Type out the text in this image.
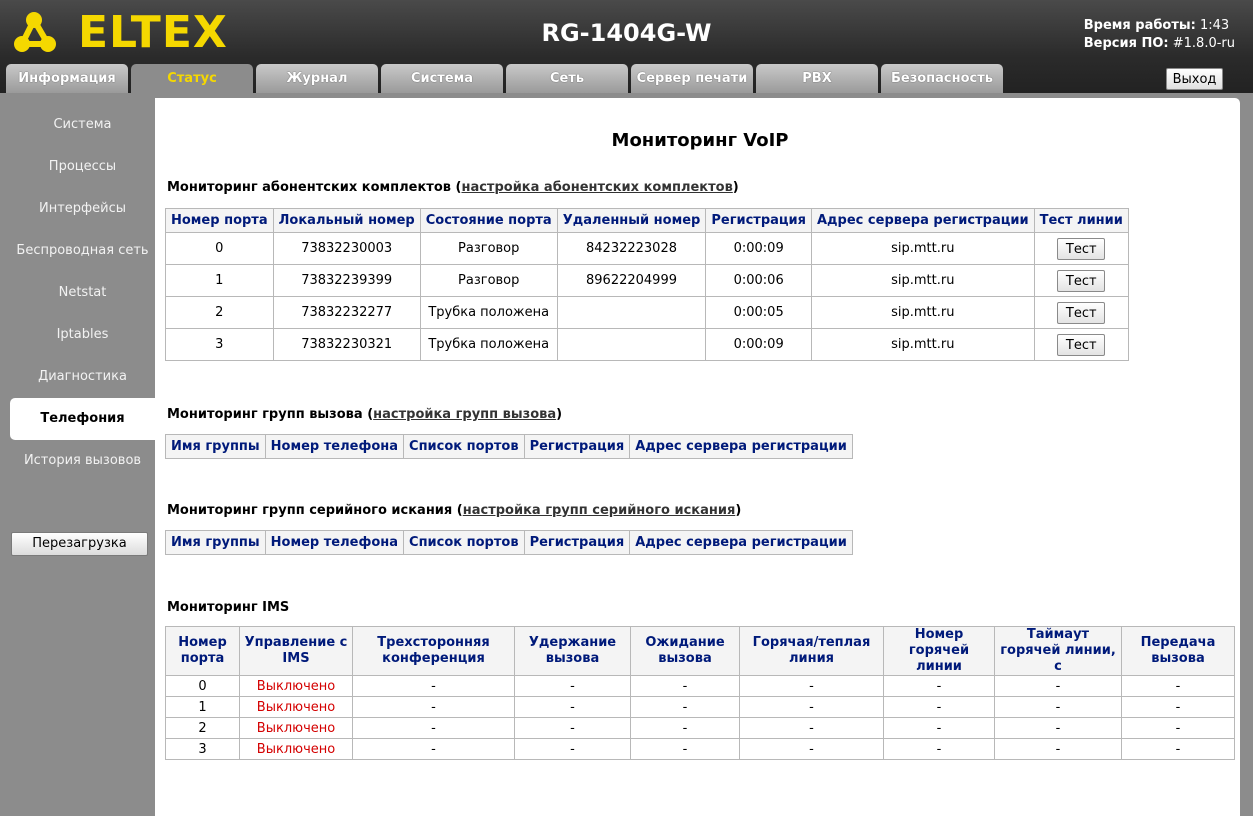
ELTEX	RG-1404G-W	Время работы: 1:43
Версия ПО: #1.8.0-ru
Информация	Статус	Журнал	Система	Сеть	Сервер печати	PBX	Безопасность	Выход
Система
Процессы
Интерфейсы
Беспроводная сеть
Netstat
Iptables
Диагностика
Телефония
История вызовов
Перезагрузка
Мониторинг VoIP
Мониторинг абонентских комплектов (настройка абонентских комплектов)
Номер порта	Локальный номер	Состояние порта	Удаленный номер	Регистрация	Адрес сервера регистрации	Тест линии
0	73832230003	Разговор	84232223028	0:00:09	sip.mtt.ru	Тест
1	73832239399	Разговор	89622204999	0:00:06	sip.mtt.ru	Тест
2	73832232277	Трубка положена		0:00:05	sip.mtt.ru	Тест
3	73832230321	Трубка положена		0:00:09	sip.mtt.ru	Тест
Мониторинг групп вызова (настройка групп вызова)
Имя группы	Номер телефона	Список портов	Регистрация	Адрес сервера регистрации
Мониторинг групп серийного искания (настройка групп серийного искания)
Имя группы	Номер телефона	Список портов	Регистрация	Адрес сервера регистрации
Мониторинг IMS
Номер порта	Управление с IMS	Трехсторонняя конференция	Удержание вызова	Ожидание вызова	Горячая/теплая линия	Номер горячей линии	Таймаут горячей линии, с	Передача вызова
0	Выключено	-	-	-	-	-	-	-
1	Выключено	-	-	-	-	-	-	-
2	Выключено	-	-	-	-	-	-	-
3	Выключено	-	-	-	-	-	-	-
